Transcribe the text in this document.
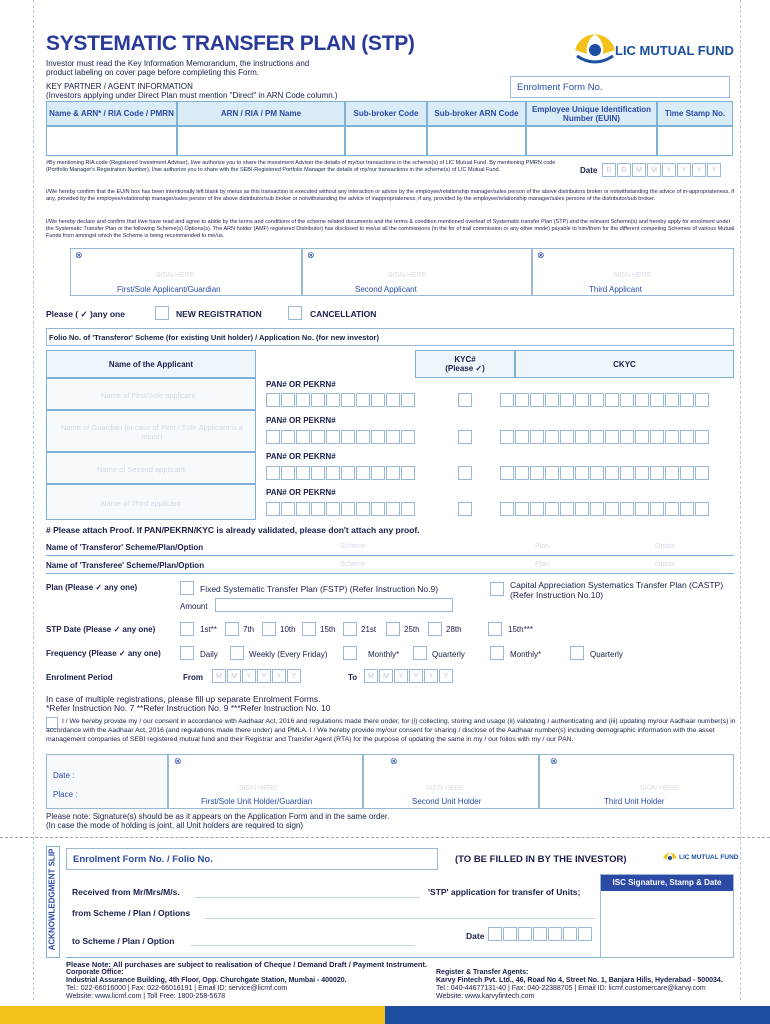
SYSTEMATIC TRANSFER PLAN (STP)
Investor must read the Key Information Memorandum, the instructions and
product labeling on cover page before completing this Form.
LIC MUTUAL FUND
KEY PARTNER / AGENT INFORMATION
(Investors applying under Direct Plan must mention "Direct" in ARN Code column.)
Enrolment Form No.
Name & ARN* / RIA Code / PMRN	ARN / RIA / PM Name	Sub-broker Code	Sub-broker ARN Code	Employee Unique Identification Number (EUIN)	Time Stamp No.
#By mentioning RIA code (Registered Investment Adviser), I/we authorize you to share the investment Adviser the details of my/our transactions in the scheme(s) of LIC Mutual Fund. By mentioning PMRN code (Portfolio Manager's Registration Number), I/we authorize you to share with the SEBI-Registered Portfolio Manager the details of my/our transactions in the scheme(s) of LIC Mutual Fund.	Date	D	D	M	M	Y	Y	Y	Y
I/We hereby confirm that the EUIN box has been intentionally left blank by me/us as this transaction is executed without any interaction or advice by the employee/relationship manager/sales person of the above distributors broker or notwithstanding the advice of in-appropriateness, if any, provided by the employee/relationship manager/sales person of the above distributor/sub broker or notwithstanding the advice of inappropriateness, if any, provided by the employee/relationship manager/sales persons of the distributor/sub broker.
I/We hereby declare and confirm that I/we have read and agree to abide by the terms and conditions of the scheme related documents and the terms & condition mentioned overleaf of Systematic transfer Plan (STP) and the relevant Scheme(s) and hereby apply for enrolment under the Systematic Transfer Plan or the following Scheme(s) Options(s). The ARN holder (AMF) registered Distributor) has disclosed to me/us all the commissions (in the for of trail commission or any other mode) payable to him/them for the different competing Schemes of various Mutual Funds from amongst which the Scheme is being recommended to me/us.
⊗
SIGN HERE
First/Sole Applicant/Guardian
⊗
SIGN HERE
Second Applicant
⊗
SIGN HERE
Third Applicant
Please ( ✓ )any one	NEW REGISTRATION	CANCELLATION
Folio No. of 'Transferor' Scheme (for existing Unit holder) / Application No. (for new investor)
Name of the Applicant	KYC#
(Please ✓)	CKYC
Name of First/Sole applicant
PAN# OR PEKRN#
Name of Guardian (in case of First / Sole Applicant is a minor)
PAN# OR PEKRN#
Name of Second applicant
PAN# OR PEKRN#
Name of Third applicant
PAN# OR PEKRN#
# Please attach Proof. If PAN/PEKRN/KYC is already validated, please don't attach any proof.
Name of 'Transferor' Scheme/Plan/Option	Scheme	Plan	Option
Name of 'Transferee' Scheme/Plan/Option	Scheme	Plan	Option
Plan (Please ✓ any one)	Fixed Systematic Transfer Plan (FSTP) (Refer Instruction No.9)	Capital Appreciation Systematics Transfer Plan (CASTP)
(Refer Instruction No.10)
Amount
STP Date (Please ✓ any one)	1st**	7th	10th	15th	21st	25th	28th	15th***
Frequency (Please ✓ any one)	Daily	Weekly (Every Friday)	Monthly*	Quarterly	Monthly*	Quarterly
Enrolment Period	From	M	M	Y	Y	Y	Y	To	M	M	Y	Y	Y	Y
In case of multiple registrations, please fill up separate Enrolment Forms.
*Refer Instruction No. 7 **Refer Instruction No. 9 ***Refer Instruction No. 10
I / We hereby provide my / our consent in accordance with Aadhaar Act, 2016 and regulations made there under, for (i) collecting, storing and usage (ii) validating / authenticating and (iii) updating my/our Aadhaar number(s) in accordance with the Aadhaar Act, 2016 (and regulations made there under) and PMLA. I / We hereby provide my/our consent for sharing / disclose of the Aadhaar number(s) including demographic information with the asset management companies of SEBI registered mutual fund and their Registrar and Transfer Agent (RTA) for the purpose of updating the same in my / our folios with my / our PAN.
Date :
Place :
⊗
SIGN HERE
First/Sole Unit Holder/Guardian
⊗
SIGN HERE
Second Unit Holder
⊗
SIGN HERE
Third Unit Holder
Please note: Signature(s) should be as it appears on the Application Form and in the same order.
(In case the mode of holding is joint, all Unit holders are required to sign)
ACKNOWLEDGMENT SLIP Enrolment Form No. / Folio No.	(TO BE FILLED IN BY THE INVESTOR)	LIC MUTUAL FUND
Received from Mr/Mrs/M/s.	'STP' application for transfer of Units;
ISC Signature, Stamp & Date
from Scheme / Plan / Options
Date
to Scheme / Plan / Option
Please Note: All purchases are subject to realisation of Cheque / Demand Draft / Payment Instrument.
Corporate Office:
Industrial Assurance Building, 4th Floor, Opp. Churchgate Station, Mumbai - 400020.
Tel.: 022-66016000 | Fax: 022-66016191 | Email ID: service@licmf.com
Website: www.licmf.com | Toll Free: 1800-258-5678
Register & Transfer Agents:
Karvy Fintech Pvt. Ltd., 46, Road No 4, Street No. 1, Banjara Hills, Hyderabad - 500034.
Tel.: 040-44677131-40 | Fax: 040-22388705 | Email ID: licmf.customercare@karvy.com
Website: www.karvyfintech.com
